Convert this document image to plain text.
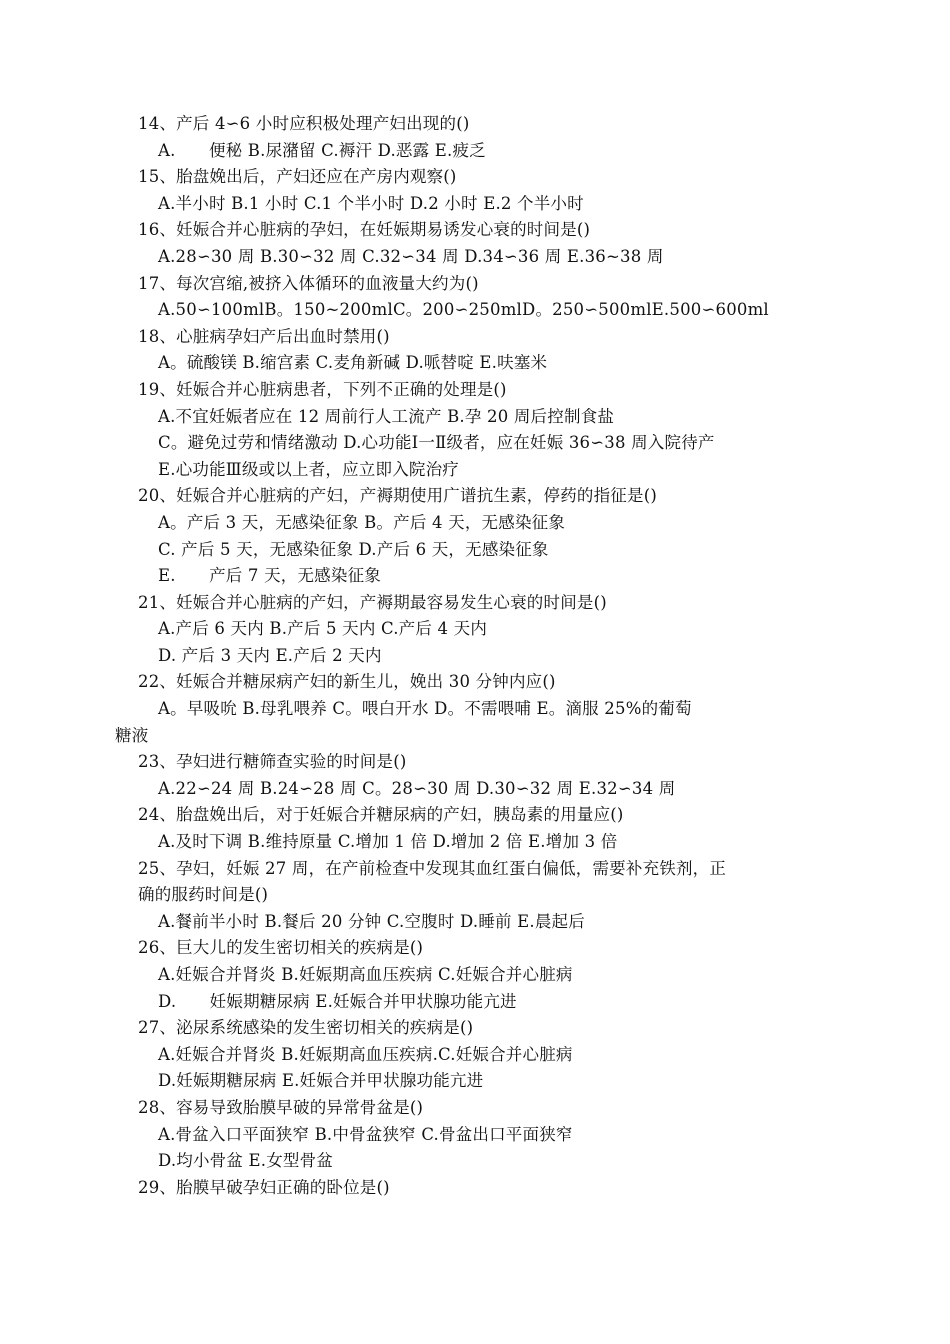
14、产后 4∽6 小时应积极处理产妇出现的()
A.　　便秘 B.尿潴留 C.褥汗 D.恶露 E.疲乏
15、胎盘娩出后，产妇还应在产房内观察()
A.半小时 B.1 小时 C.1 个半小时 D.2 小时 E.2 个半小时
16、妊娠合并心脏病的孕妇，在妊娠期易诱发心衰的时间是()
A.28∽30 周 B.30∽32 周 C.32∽34 周 D.34∽36 周 E.36~38 周
17、每次宫缩,被挤入体循环的血液量大约为()
A.50∽100mlB。150~200mlC。200∽250mlD。250∽500mlE.500∽600ml
18、心脏病孕妇产后出血时禁用()
A。硫酸镁 B.缩宫素 C.麦角新碱 D.哌替啶 E.呋塞米
19、妊娠合并心脏病患者，下列不正确的处理是()
A.不宜妊娠者应在 12 周前行人工流产 B.孕 20 周后控制食盐
C。避免过劳和情绪激动 D.心功能Ⅰ一Ⅱ级者，应在妊娠 36∽38 周入院待产
E.心功能Ⅲ级或以上者，应立即入院治疗
20、妊娠合并心脏病的产妇，产褥期使用广谱抗生素，停药的指征是()
A。产后 3 天，无感染征象 B。产后 4 天，无感染征象
C. 产后 5 天，无感染征象 D.产后 6 天，无感染征象
E.　　产后 7 天，无感染征象
21、妊娠合并心脏病的产妇，产褥期最容易发生心衰的时间是()
A.产后 6 天内 B.产后 5 天内 C.产后 4 天内
D. 产后 3 天内 E.产后 2 天内
22、妊娠合并糖尿病产妇的新生儿，娩出 30 分钟内应()
A。早吸吮 B.母乳喂养 C。喂白开水 D。不需喂哺 E。滴服 25%的葡萄
糖液
23、孕妇进行糖筛查实验的时间是()
A.22∽24 周 B.24∽28 周 C。28∽30 周 D.30∽32 周 E.32∽34 周
24、胎盘娩出后，对于妊娠合并糖尿病的产妇，胰岛素的用量应()
A.及时下调 B.维持原量 C.增加 1 倍 D.增加 2 倍 E.增加 3 倍
25、孕妇，妊娠 27 周，在产前检查中发现其血红蛋白偏低，需要补充铁剂，正
确的服药时间是()
A.餐前半小时 B.餐后 20 分钟 C.空腹时 D.睡前 E.晨起后
26、巨大儿的发生密切相关的疾病是()
A.妊娠合并肾炎 B.妊娠期高血压疾病 C.妊娠合并心脏病
D.　　妊娠期糖尿病 E.妊娠合并甲状腺功能亢进
27、泌尿系统感染的发生密切相关的疾病是()
A.妊娠合并肾炎 B.妊娠期高血压疾病.C.妊娠合并心脏病
D.妊娠期糖尿病 E.妊娠合并甲状腺功能亢进
28、容易导致胎膜早破的异常骨盆是()
A.骨盆入口平面狭窄 B.中骨盆狭窄 C.骨盆出口平面狭窄
D.均小骨盆 E.女型骨盆
29、胎膜早破孕妇正确的卧位是()
